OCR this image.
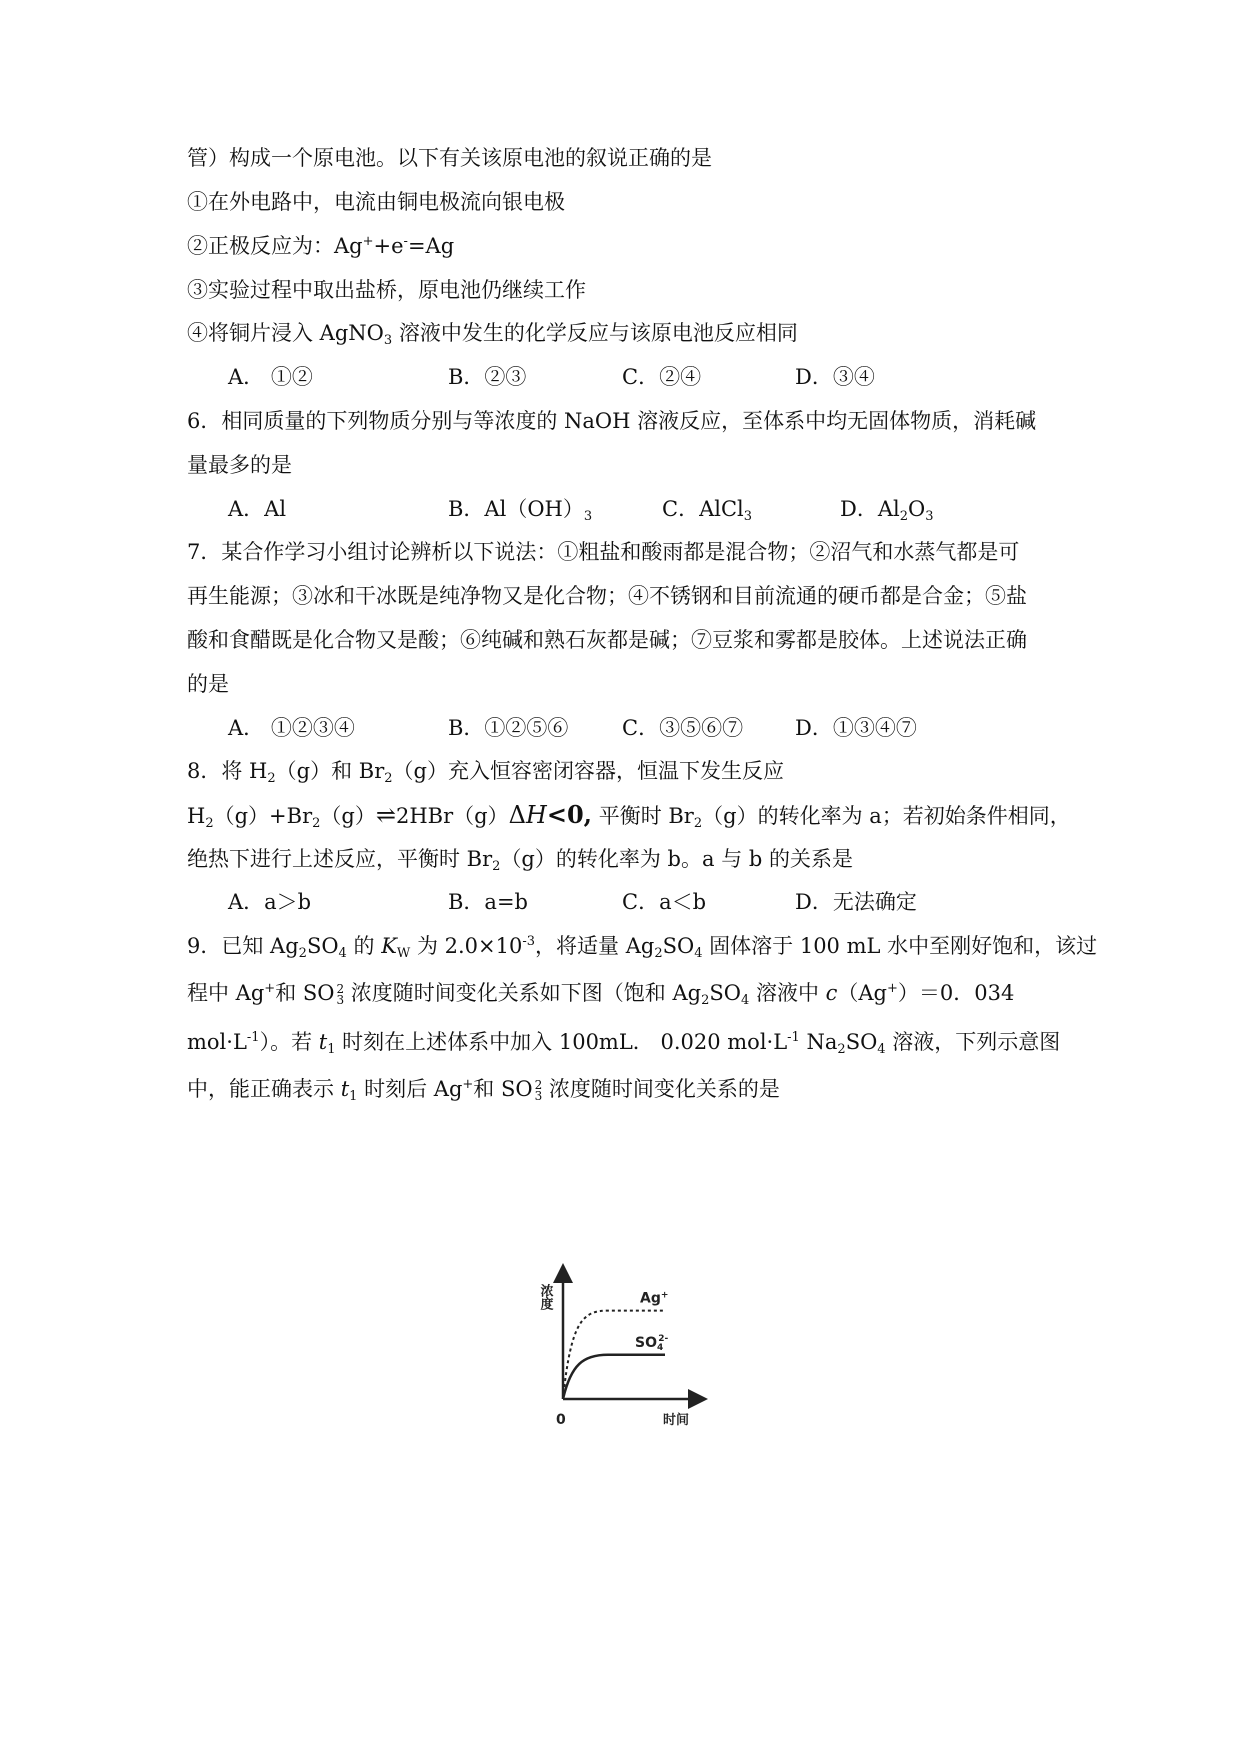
管）构成一个原电池。以下有关该原电池的叙说正确的是
①在外电路中，电流由铜电极流向银电极
②正极反应为：Ag++e-=Ag
③实验过程中取出盐桥，原电池仍继续工作
④将铜片浸入 AgNO$_3$ 溶液中发生的化学反应与该原电池反应相同
A． ①②	B．②③	C．②④	D．③④
6．相同质量的下列物质分别与等浓度的 NaOH 溶液反应，至体系中均无固体物质，消耗碱
量最多的是
A．Al	B．$Al(OH)_3$	C．AlCl$_3$	D．$Al_2O_3$
7．某合作学习小组讨论辨析以下说法：①粗盐和酸雨都是混合物；②沼气和水蒸气都是可
再生能源；③冰和干冰既是纯净物又是化合物；④不锈钢和目前流通的硬币都是合金；⑤盐
酸和食醋既是化合物又是酸；⑥纯碱和熟石灰都是碱；⑦豆浆和雾都是胶体。上述说法正确
的是
A． ①②③④	B．①②⑤⑥	C．③⑤⑥⑦ D．①③④⑦
8．将 $H_2(g)$和 $Br_2(g)$充入恒容密闭容器，恒温下发生反应
$H_2(g)+Br_2(g)\rightleftharpoons 2HBr(g)\Delta H<0$, 平衡时 $Br_2(g)$的转化率为 a；若初始条件相同，
绝热下进行上述反应，平衡时 $Br_2(g)$的转化率为 b。a 与 b 的关系是
A．a＞b	B．a=b	C．a＜b	D．无法确定
9．已知 $Ag_2SO_4$ 的 $K_W$ 为 $2.0\times 10^{-3}$，将适量 $Ag_2SO_4$ 固体溶于 100 mL 水中至刚好饱和，该过
程中 Ag+和 SO 2
3 浓度随时间变化关系如下图（饱和 $Ag_2SO_4$ 溶液中 c（Ag+）＝0．034
$mol\cdot L^{-1}$）。若 $t_1$ 时刻在上述体系中加入 100mL． 0.020 $mol\cdot L^{-1}$ $Na_2SO_4$ 溶液，下列示意图
中，能正确表示 $t_1$ 时刻后 Ag+和 SO 2
3 浓度随时间变化关系的是
Ag+
$SO_42-$
浓度
时间
0
